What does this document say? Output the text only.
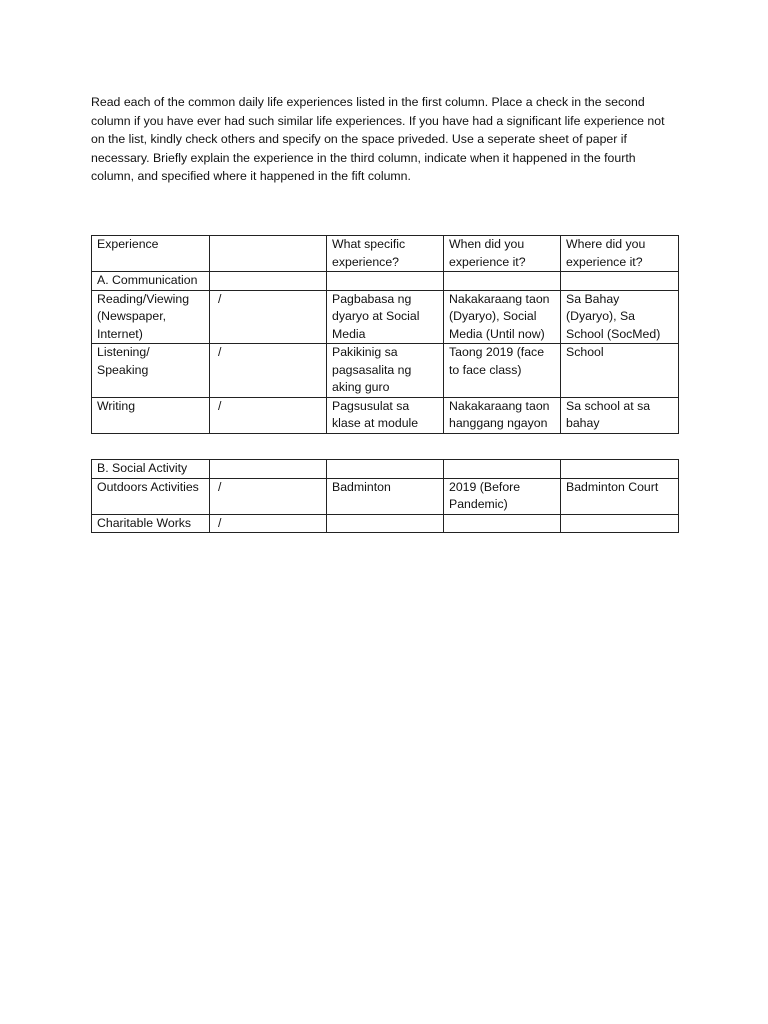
Read each of the common daily life experiences listed in the first column. Place a check in the second column if you have ever had such similar life experiences. If you have had a significant life experience not on the list, kindly check others and specify on the space priveded. Use a seperate sheet of paper if necessary. Briefly explain the experience in the third column, indicate when it happened in the fourth column, and specified where it happened in the fift column.

Experience		What specific experience?	When did you experience it?	Where did you experience it?
A. Communication				
Reading/Viewing (Newspaper, Internet)	/	Pagbabasa ng dyaryo at Social Media	Nakakaraang taon (Dyaryo), Social Media (Until now)	Sa Bahay (Dyaryo), Sa School (SocMed)
Listening/ Speaking	/	Pakikinig sa pagsasalita ng aking guro	Taong 2019 (face to face class)	School
Writing	/	Pagsusulat sa klase at module	Nakakaraang taon hanggang ngayon	Sa school at sa bahay
B. Social Activity				
Outdoors Activities	/	Badminton	2019 (Before Pandemic)	Badminton Court
Charitable Works	/			
